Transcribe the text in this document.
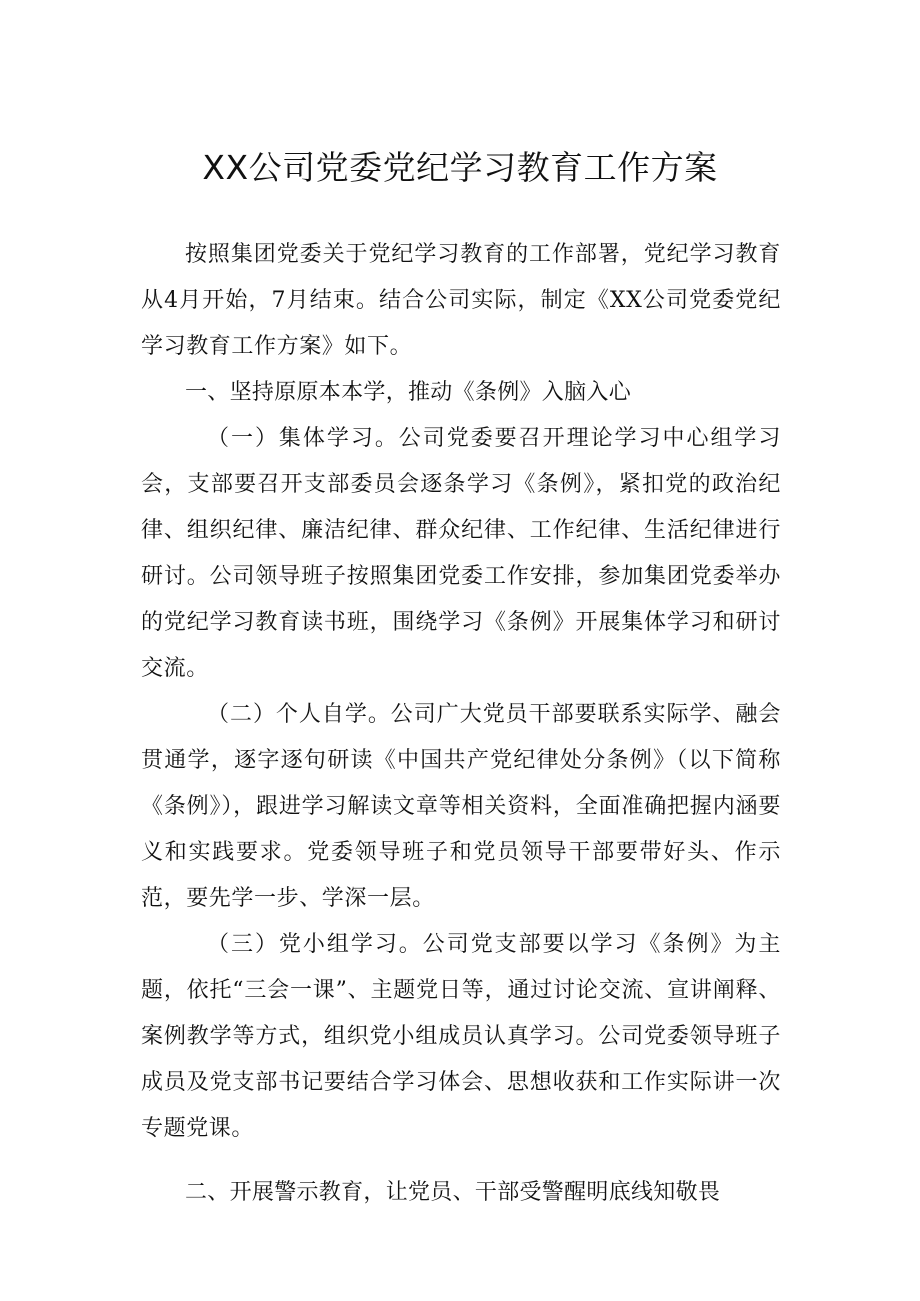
XX公司党委党纪学习教育工作方案

按照集团党委关于党纪学习教育的工作部署，党纪学习教育从4月开始，7月结束。结合公司实际，制定《XX公司党委党纪学习教育工作方案》如下。

一、坚持原原本本学，推动《条例》入脑入心

（一）集体学习。公司党委要召开理论学习中心组学习会，支部要召开支部委员会逐条学习《条例》，紧扣党的政治纪律、组织纪律、廉洁纪律、群众纪律、工作纪律、生活纪律进行研讨。公司领导班子按照集团党委工作安排，参加集团党委举办的党纪学习教育读书班，围绕学习《条例》开展集体学习和研讨交流。

（二）个人自学。公司广大党员干部要联系实际学、融会贯通学，逐字逐句研读《中国共产党纪律处分条例》（以下简称《条例》），跟进学习解读文章等相关资料，全面准确把握内涵要义和实践要求。党委领导班子和党员领导干部要带好头、作示范，要先学一步、学深一层。

（三）党小组学习。公司党支部要以学习《条例》为主题，依托“三会一课”、主题党日等，通过讨论交流、宣讲阐释、案例教学等方式，组织党小组成员认真学习。公司党委领导班子成员及党支部书记要结合学习体会、思想收获和工作实际讲一次专题党课。

二、开展警示教育，让党员、干部受警醒明底线知敬畏
